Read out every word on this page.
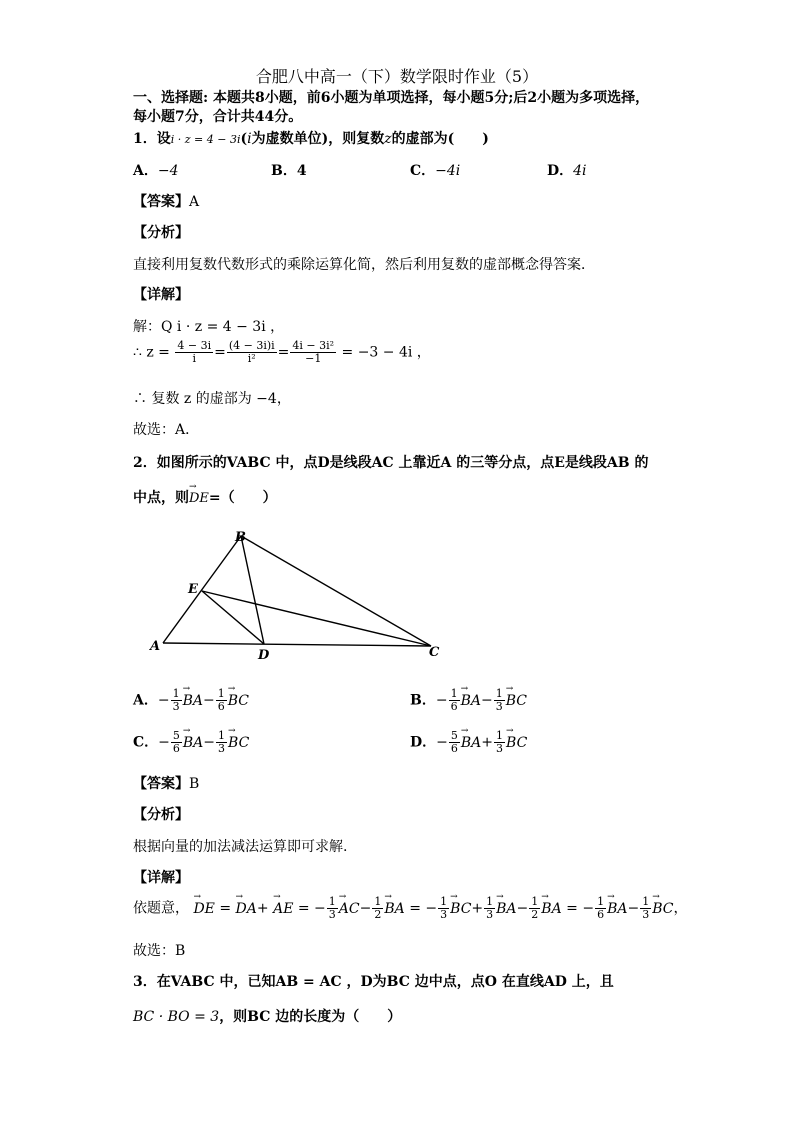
合肥八中高一（下）数学限时作业（5）
一、选择题: 本题共8小题，前6小题为单项选择，每小题5分;后2小题为多项选择，
每小题7分，合计共44分。
1．设i · z = 4 − 3i(i为虚数单位)，则复数z的虚部为(　　)
A．−4	B．4	C．−4i	D．4i
【答案】A
【分析】
直接利用复数代数形式的乘除运算化简，然后利用复数的虚部概念得答案．
【详解】
解：Q i · z = 4 − 3i ，
∴ $z = \frac{4 - 3i}{i} = \frac{(4 - 3i)i}{\text{i²}} = \frac{\text{4i − 3i²}}{-1} = -3 - 4i$ ，
∴ 复数 z 的虚部为 −4，
故选：A．
2．如图所示的VABC 中，点D是线段AC 上靠近A 的三等分点，点E是线段AB 的
中点，则→ DE=（　　）
B
E
A
D	C
A．− $\frac{1}{3}$
→ $BA- \frac{1}{6}$
→ BC	B．− $\frac{1}{6}$
→ $BA- \frac{1}{3}$
→ BC
C．− $\frac{5}{6}$
→ $BA- \frac{1}{3}$
→ BC	D．− $\frac{5}{6}$
→ $BA+ \frac{1}{3}$
→ BC
【答案】B
【分析】
根据向量的加法减法运算即可求解.
【详解】
依题意， → DE = → DA+ → AE = − $\frac{1}{3}$
→ $AC- \frac{1}{2}$
→ BA = − $\frac{1}{3}$
→ $BC+ \frac{1}{3}$
→ $BA- \frac{1}{2}$
→ BA = − $\frac{1}{6}$
→ $BA- \frac{1}{3}$
→ BC，
故选：B
3．在VABC 中，已知AB = AC ，D为BC 边中点，点O 在直线AD 上，且
BC · BO = 3，则BC 边的长度为（　　）
